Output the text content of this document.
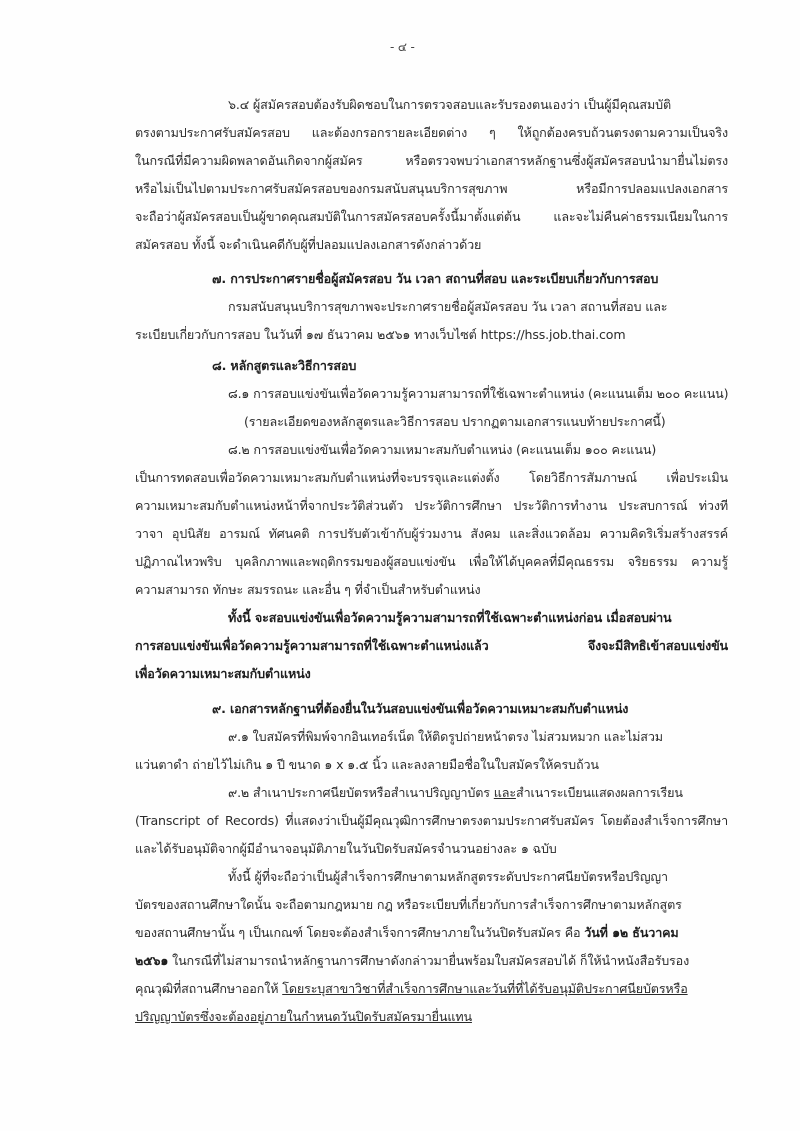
- ๔ -
๖.๔ ผู้สมัครสอบต้องรับผิดชอบในการตรวจสอบและรับรองตนเองว่า เป็นผู้มีคุณสมบัติ
ตรงตามประกาศรับสมัครสอบ และต้องกรอกรายละเอียดต่าง ๆ ให้ถูกต้องครบถ้วนตรงตามความเป็นจริง
ในกรณีที่มีความผิดพลาดอันเกิดจากผู้สมัคร หรือตรวจพบว่าเอกสารหลักฐานซึ่งผู้สมัครสอบนำมายื่นไม่ตรง
หรือไม่เป็นไปตามประกาศรับสมัครสอบของกรมสนับสนุนบริการสุขภาพ หรือมีการปลอมแปลงเอกสาร
จะถือว่าผู้สมัครสอบเป็นผู้ขาดคุณสมบัติในการสมัครสอบครั้งนี้มาตั้งแต่ต้น และจะไม่คืนค่าธรรมเนียมในการ
สมัครสอบ ทั้งนี้ จะดำเนินคดีกับผู้ที่ปลอมแปลงเอกสารดังกล่าวด้วย
๗. การประกาศรายชื่อผู้สมัครสอบ วัน เวลา สถานที่สอบ และระเบียบเกี่ยวกับการสอบ
กรมสนับสนุนบริการสุขภาพจะประกาศรายชื่อผู้สมัครสอบ วัน เวลา สถานที่สอบ และ
ระเบียบเกี่ยวกับการสอบ ในวันที่ ๑๗ ธันวาคม ๒๕๖๑ ทางเว็บไซต์ https://hss.job.thai.com
๘. หลักสูตรและวิธีการสอบ
๘.๑ การสอบแข่งขันเพื่อวัดความรู้ความสามารถที่ใช้เฉพาะตำแหน่ง (คะแนนเต็ม ๒๐๐ คะแนน)
(รายละเอียดของหลักสูตรและวิธีการสอบ ปรากฏตามเอกสารแนบท้ายประกาศนี้)
๘.๒ การสอบแข่งขันเพื่อวัดความเหมาะสมกับตำแหน่ง (คะแนนเต็ม ๑๐๐ คะแนน)
เป็นการทดสอบเพื่อวัดความเหมาะสมกับตำแหน่งที่จะบรรจุและแต่งตั้ง โดยวิธีการสัมภาษณ์ เพื่อประเมิน
ความเหมาะสมกับตำแหน่งหน้าที่จากประวัติส่วนตัว ประวัติการศึกษา ประวัติการทำงาน ประสบการณ์ ท่วงที
วาจา อุปนิสัย อารมณ์ ทัศนคติ การปรับตัวเข้ากับผู้ร่วมงาน สังคม และสิ่งแวดล้อม ความคิดริเริ่มสร้างสรรค์
ปฏิภาณไหวพริบ บุคลิกภาพและพฤติกรรมของผู้สอบแข่งขัน เพื่อให้ได้บุคคลที่มีคุณธรรม จริยธรรม ความรู้
ความสามารถ ทักษะ สมรรถนะ และอื่น ๆ ที่จำเป็นสำหรับตำแหน่ง
ทั้งนี้ จะสอบแข่งขันเพื่อวัดความรู้ความสามารถที่ใช้เฉพาะตำแหน่งก่อน เมื่อสอบผ่าน
การสอบแข่งขันเพื่อวัดความรู้ความสามารถที่ใช้เฉพาะตำแหน่งแล้ว จึงจะมีสิทธิเข้าสอบแข่งขัน
เพื่อวัดความเหมาะสมกับตำแหน่ง
๙. เอกสารหลักฐานที่ต้องยื่นในวันสอบแข่งขันเพื่อวัดความเหมาะสมกับตำแหน่ง
๙.๑ ใบสมัครที่พิมพ์จากอินเทอร์เน็ต ให้ติดรูปถ่ายหน้าตรง ไม่สวมหมวก และไม่สวม
แว่นตาดำ ถ่ายไว้ไม่เกิน ๑ ปี ขนาด ๑ x ๑.๕ นิ้ว และลงลายมือชื่อในใบสมัครให้ครบถ้วน
๙.๒ สำเนาประกาศนียบัตรหรือสำเนาปริญญาบัตร และสำเนาระเบียนแสดงผลการเรียน
(Transcript of Records) ที่แสดงว่าเป็นผู้มีคุณวุฒิการศึกษาตรงตามประกาศรับสมัคร โดยต้องสำเร็จการศึกษา
และได้รับอนุมัติจากผู้มีอำนาจอนุมัติภายในวันปิดรับสมัครจำนวนอย่างละ ๑ ฉบับ
ทั้งนี้ ผู้ที่จะถือว่าเป็นผู้สำเร็จการศึกษาตามหลักสูตรระดับประกาศนียบัตรหรือปริญญา
บัตรของสถานศึกษาใดนั้น จะถือตามกฎหมาย กฎ หรือระเบียบที่เกี่ยวกับการสำเร็จการศึกษาตามหลักสูตร
ของสถานศึกษานั้น ๆ เป็นเกณฑ์ โดยจะต้องสำเร็จการศึกษาภายในวันปิดรับสมัคร คือ วันที่ ๑๒ ธันวาคม
๒๕๖๑ ในกรณีที่ไม่สามารถนำหลักฐานการศึกษาดังกล่าวมายื่นพร้อมใบสมัครสอบได้ ก็ให้นำหนังสือรับรอง
คุณวุฒิที่สถานศึกษาออกให้ โดยระบุสาขาวิชาที่สำเร็จการศึกษาและวันที่ที่ได้รับอนุมัติประกาศนียบัตรหรือ
ปริญญาบัตรซึ่งจะต้องอยู่ภายในกำหนดวันปิดรับสมัครมายื่นแทน
